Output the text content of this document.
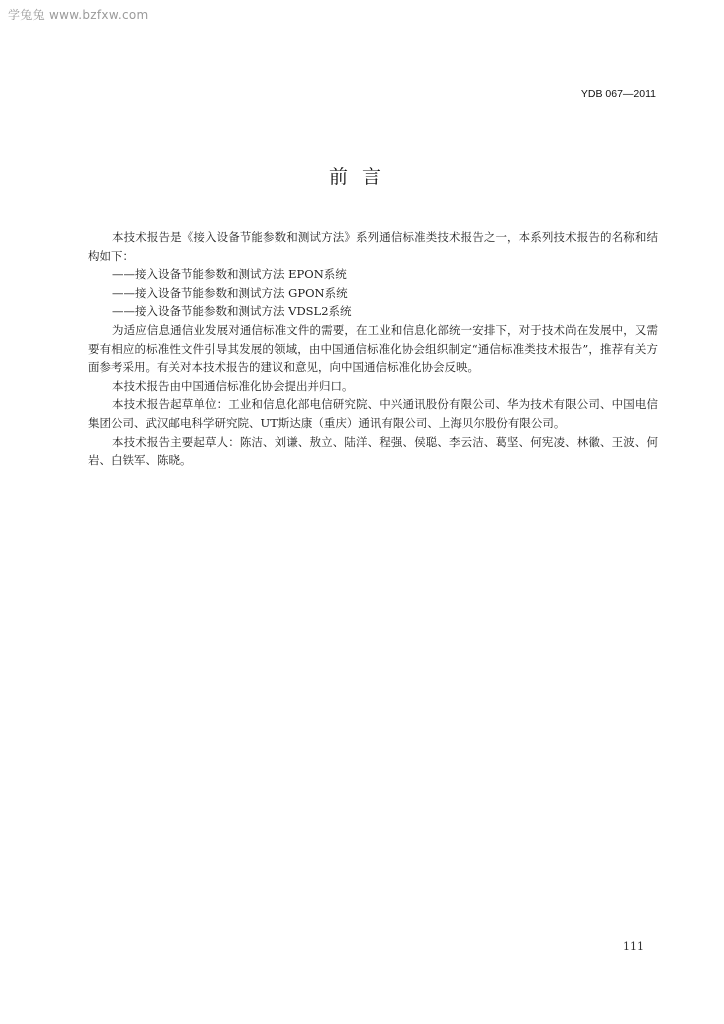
学兔兔 www.bzfxw.com
YDB 067—2011
前言

本技术报告是《接入设备节能参数和测试方法》系列通信标准类技术报告之一，本系列技术报告的名称和结构如下：

——接入设备节能参数和测试方法 EPON系统
——接入设备节能参数和测试方法 GPON系统
——接入设备节能参数和测试方法 VDSL2系统

为适应信息通信业发展对通信标准文件的需要，在工业和信息化部统一安排下，对于技术尚在发展中，又需要有相应的标准性文件引导其发展的领域，由中国通信标准化协会组织制定“通信标准类技术报告”，推荐有关方面参考采用。有关对本技术报告的建议和意见，向中国通信标准化协会反映。

本技术报告由中国通信标准化协会提出并归口。

本技术报告起草单位：工业和信息化部电信研究院、中兴通讯股份有限公司、华为技术有限公司、中国电信集团公司、武汉邮电科学研究院、UT斯达康（重庆）通讯有限公司、上海贝尔股份有限公司。

本技术报告主要起草人：陈洁、刘谦、敖立、陆洋、程强、侯聪、李云洁、葛坚、何宪凌、林徽、王波、何岩、白铁军、陈晓。

111
